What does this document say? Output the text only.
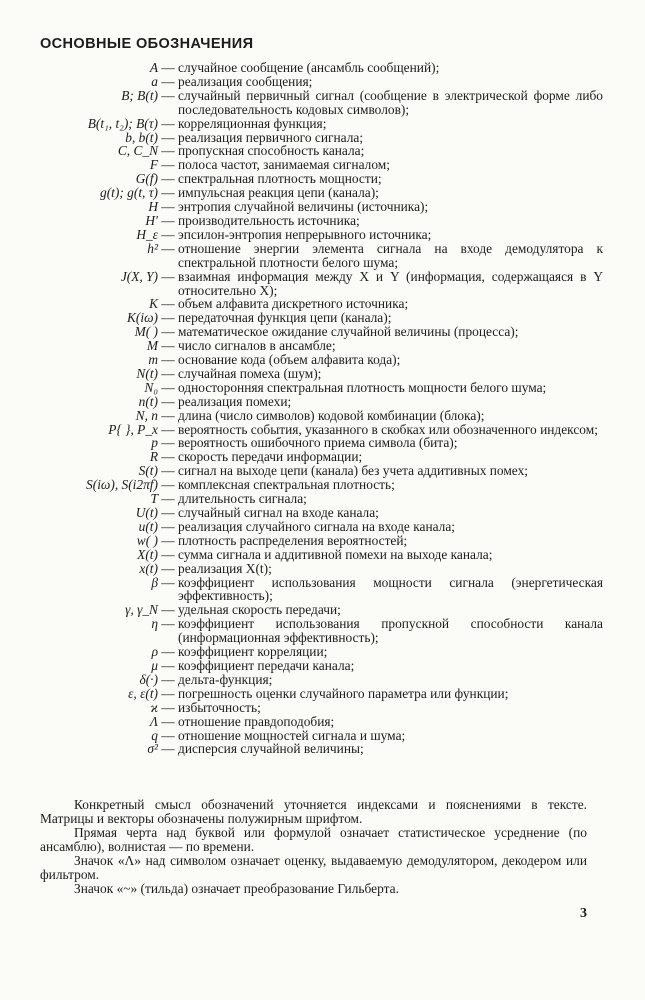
ОСНОВНЫЕ ОБОЗНАЧЕНИЯ
A — случайное сообщение (ансамбль сообщений);
a — реализация сообщения;
B; B(t) — случайный первичный сигнал (сообщение в электрической форме либо последовательность кодовых символов);
B(t₁, t₂); B(τ) — корреляционная функция;
b, b(t) — реализация первичного сигнала;
C, C_N — пропускная способность канала;
F — полоса частот, занимаемая сигналом;
G(f) — спектральная плотность мощности;
g(t); g(t, τ) — импульсная реакция цепи (канала);
H — энтропия случайной величины (источника);
H′ — производительность источника;
H_ε — эпсилон-энтропия непрерывного источника;
h² — отношение энергии элемента сигнала на входе демодулятора к спектральной плотности белого шума;
J(X, Y) — взаимная информация между X и Y (информация, содержащаяся в Y относительно X);
K — объем алфавита дискретного источника;
K(iω) — передаточная функция цепи (канала);
M( ) — математическое ожидание случайной величины (процесса);
M — число сигналов в ансамбле;
m — основание кода (объем алфавита кода);
N(t) — случайная помеха (шум);
N₀ — односторонняя спектральная плотность мощности белого шума;
n(t) — реализация помехи;
N, n — длина (число символов) кодовой комбинации (блока);
P{ }, P_x — вероятность события, указанного в скобках или обозначенного индексом;
p — вероятность ошибочного приема символа (бита);
R — скорость передачи информации;
S(t) — сигнал на выходе цепи (канала) без учета аддитивных помех;
S(iω), S(i2πf) — комплексная спектральная плотность;
T — длительность сигнала;
U(t) — случайный сигнал на входе канала;
u(t) — реализация случайного сигнала на входе канала;
w( ) — плотность распределения вероятностей;
X(t) — сумма сигнала и аддитивной помехи на выходе канала;
x(t) — реализация X(t);
β — коэффициент использования мощности сигнала (энергетическая эффективность);
γ, γ_N — удельная скорость передачи;
η — коэффициент использования пропускной способности канала (информационная эффективность);
ρ — коэффициент корреляции;
μ — коэффициент передачи канала;
δ(·) — дельта-функция;
ε, ε(t) — погрешность оценки случайного параметра или функции;
ϰ — избыточность;
Λ — отношение правдоподобия;
q — отношение мощностей сигнала и шума;
σ² — дисперсия случайной величины;

Конкретный смысл обозначений уточняется индексами и пояснениями в тексте. Матрицы и векторы обозначены полужирным шрифтом.

Прямая черта над буквой или формулой означает статистическое усреднение (по ансамблю), волнистая — по времени.

Значок «Λ» над символом означает оценку, выдаваемую демодулятором, декодером или фильтром.

Значок «~» (тильда) означает преобразование Гильберта.

3
